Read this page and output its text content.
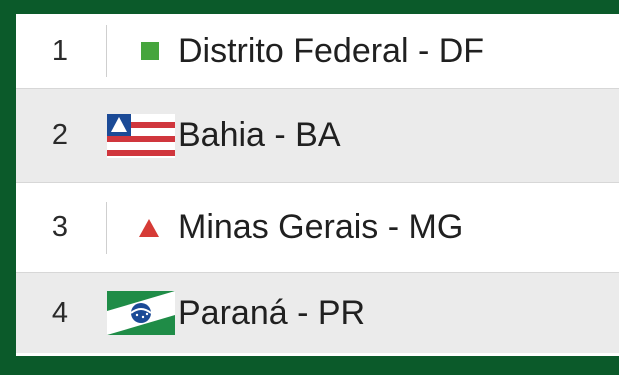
1	Distrito Federal - DF
2	Bahia - BA
3	Minas Gerais - MG
4	Paraná - PR
